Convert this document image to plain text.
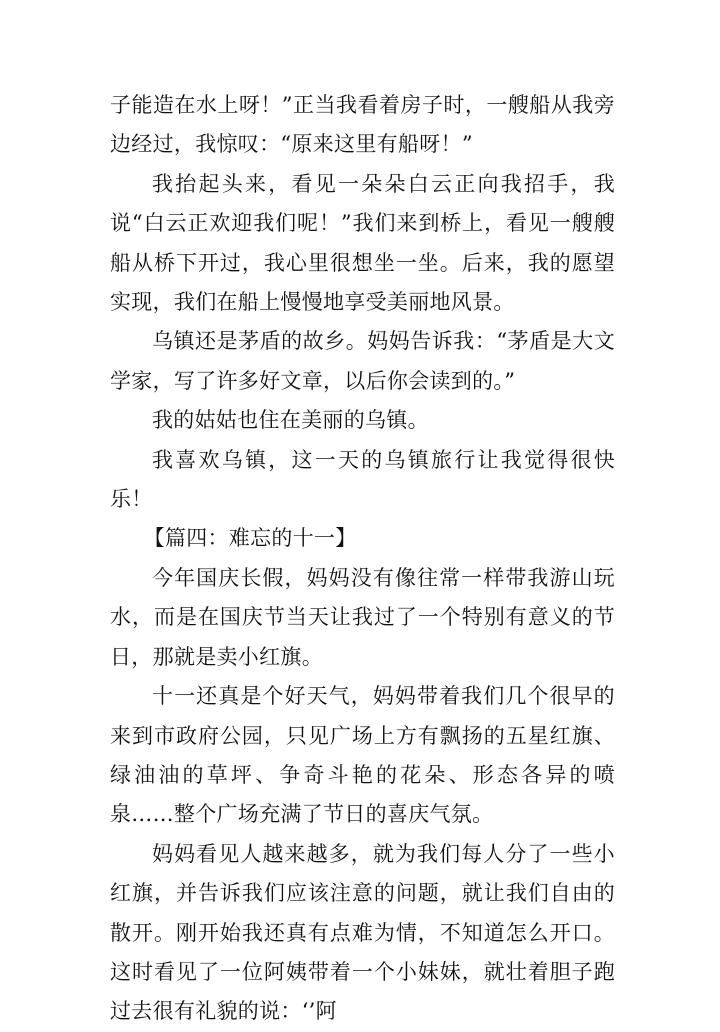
子能造在水上呀！”正当我看着房子时，一艘船从我旁边经过，我惊叹：“原来这里有船呀！”

我抬起头来，看见一朵朵白云正向我招手，我说“白云正欢迎我们呢！”我们来到桥上，看见一艘艘船从桥下开过，我心里很想坐一坐。后来，我的愿望实现，我们在船上慢慢地享受美丽地风景。

乌镇还是茅盾的故乡。妈妈告诉我：“茅盾是大文学家，写了许多好文章，以后你会读到的。”

我的姑姑也住在美丽的乌镇。

我喜欢乌镇，这一天的乌镇旅行让我觉得很快乐！

【篇四：难忘的十一】

今年国庆长假，妈妈没有像往常一样带我游山玩水，而是在国庆节当天让我过了一个特别有意义的节日，那就是卖小红旗。

十一还真是个好天气，妈妈带着我们几个很早的来到市政府公园，只见广场上方有飘扬的五星红旗、绿油油的草坪、争奇斗艳的花朵、形态各异的喷泉……整个广场充满了节日的喜庆气氛。

妈妈看见人越来越多，就为我们每人分了一些小红旗，并告诉我们应该注意的问题，就让我们自由的散开。刚开始我还真有点难为情，不知道怎么开口。这时看见了一位阿姨带着一个小妹妹，就壮着胆子跑过去很有礼貌的说：‘’阿
